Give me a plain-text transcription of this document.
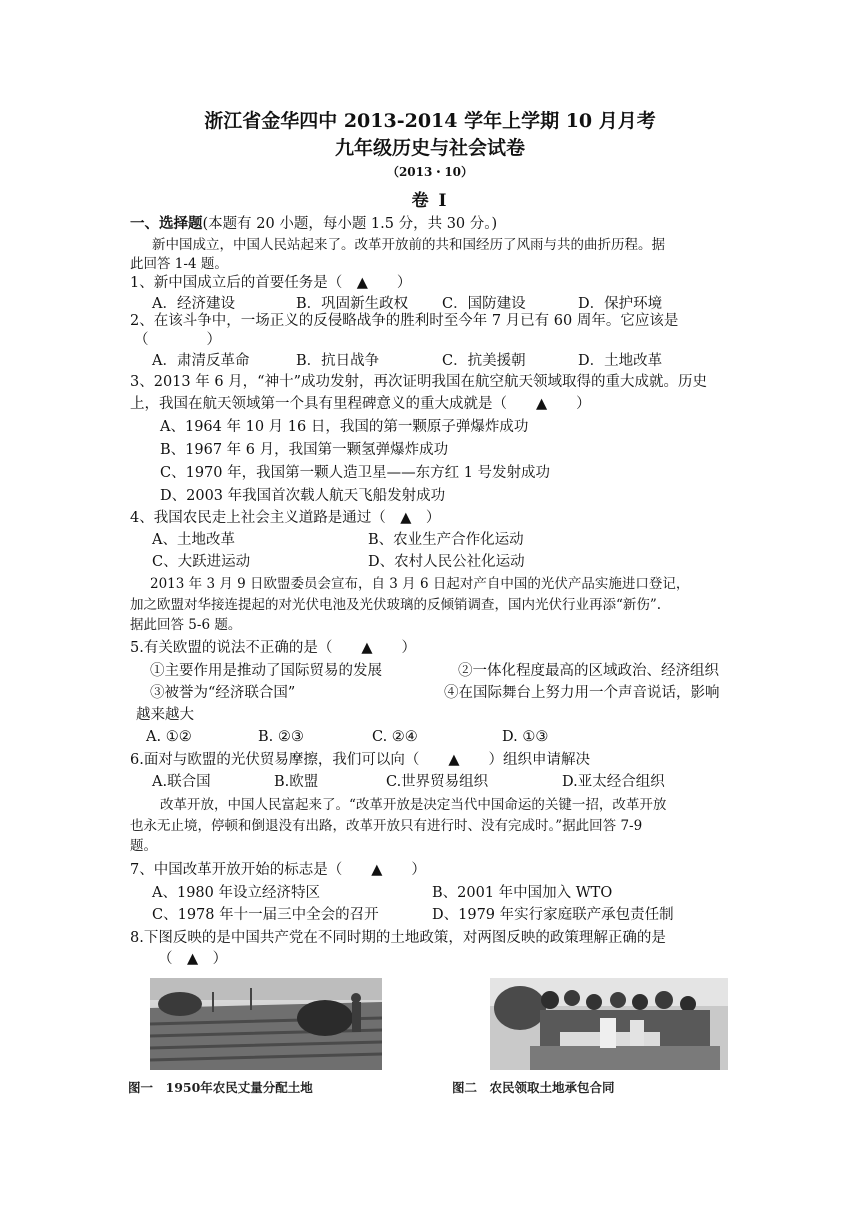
浙江省金华四中 2013-2014 学年上学期 10 月月考
九年级历史与社会试卷
（2013・10）
卷 Ⅰ
一、选择题(本题有 20 小题，每小题 1.5 分，共 30 分。)
新中国成立，中国人民站起来了。改革开放前的共和国经历了风雨与共的曲折历程。据
此回答 1-4 题。
1、新中国成立后的首要任务是（　▲　　）
A．经济建设	B．巩固新生政权 C．国防建设	D．保护环境
2、在该斗争中，一场正义的反侵略战争的胜利时至今年 7 月已有 60 周年。它应该是
（　　　　）
A．肃清反革命	B．抗日战争	C．抗美援朝	D．土地改革
3、2013 年 6 月，“神十”成功发射，再次证明我国在航空航天领域取得的重大成就。历史
上，我国在航天领域第一个具有里程碑意义的重大成就是（　　▲　　）
A、1964 年 10 月 16 日，我国的第一颗原子弹爆炸成功
B、1967 年 6 月，我国第一颗氢弹爆炸成功
C、1970 年，我国第一颗人造卫星——东方红 1 号发射成功
D、2003 年我国首次载人航天飞船发射成功
4、我国农民走上社会主义道路是通过（　▲　）
A、土地改革	B、农业生产合作化运动
C、大跃进运动	D、农村人民公社化运动
2013 年 3 月 9 日欧盟委员会宣布，自 3 月 6 日起对产自中国的光伏产品实施进口登记，
加之欧盟对华接连提起的对光伏电池及光伏玻璃的反倾销调查，国内光伏行业再添“新伤”.
据此回答 5-6 题。
5.有关欧盟的说法不正确的是（　　▲　　）
①主要作用是推动了国际贸易的发展	②一体化程度最高的区域政治、经济组织
③被誉为“经济联合国”	④在国际舞台上努力用一个声音说话，影响
越来越大
A. ①②	B. ②③	C. ②④	D. ①③
6.面对与欧盟的光伏贸易摩擦，我们可以向（　　▲　　）组织申请解决
A.联合国	B.欧盟	C.世界贸易组织	D.亚太经合组织
改革开放，中国人民富起来了。“改革开放是决定当代中国命运的关键一招，改革开放
也永无止境，停顿和倒退没有出路，改革开放只有进行时、没有完成时。”据此回答 7-9
题。
7、中国改革开放开始的标志是（　　▲　　）
A、1980 年设立经济特区	B、2001 年中国加入 WTO
C、1978 年十一届三中全会的召开	D、1979 年实行家庭联产承包责任制
8.下图反映的是中国共产党在不同时期的土地政策，对两图反映的政策理解正确的是
（　▲　）
图一　1950年农民丈量分配土地	图二　农民领取土地承包合同
